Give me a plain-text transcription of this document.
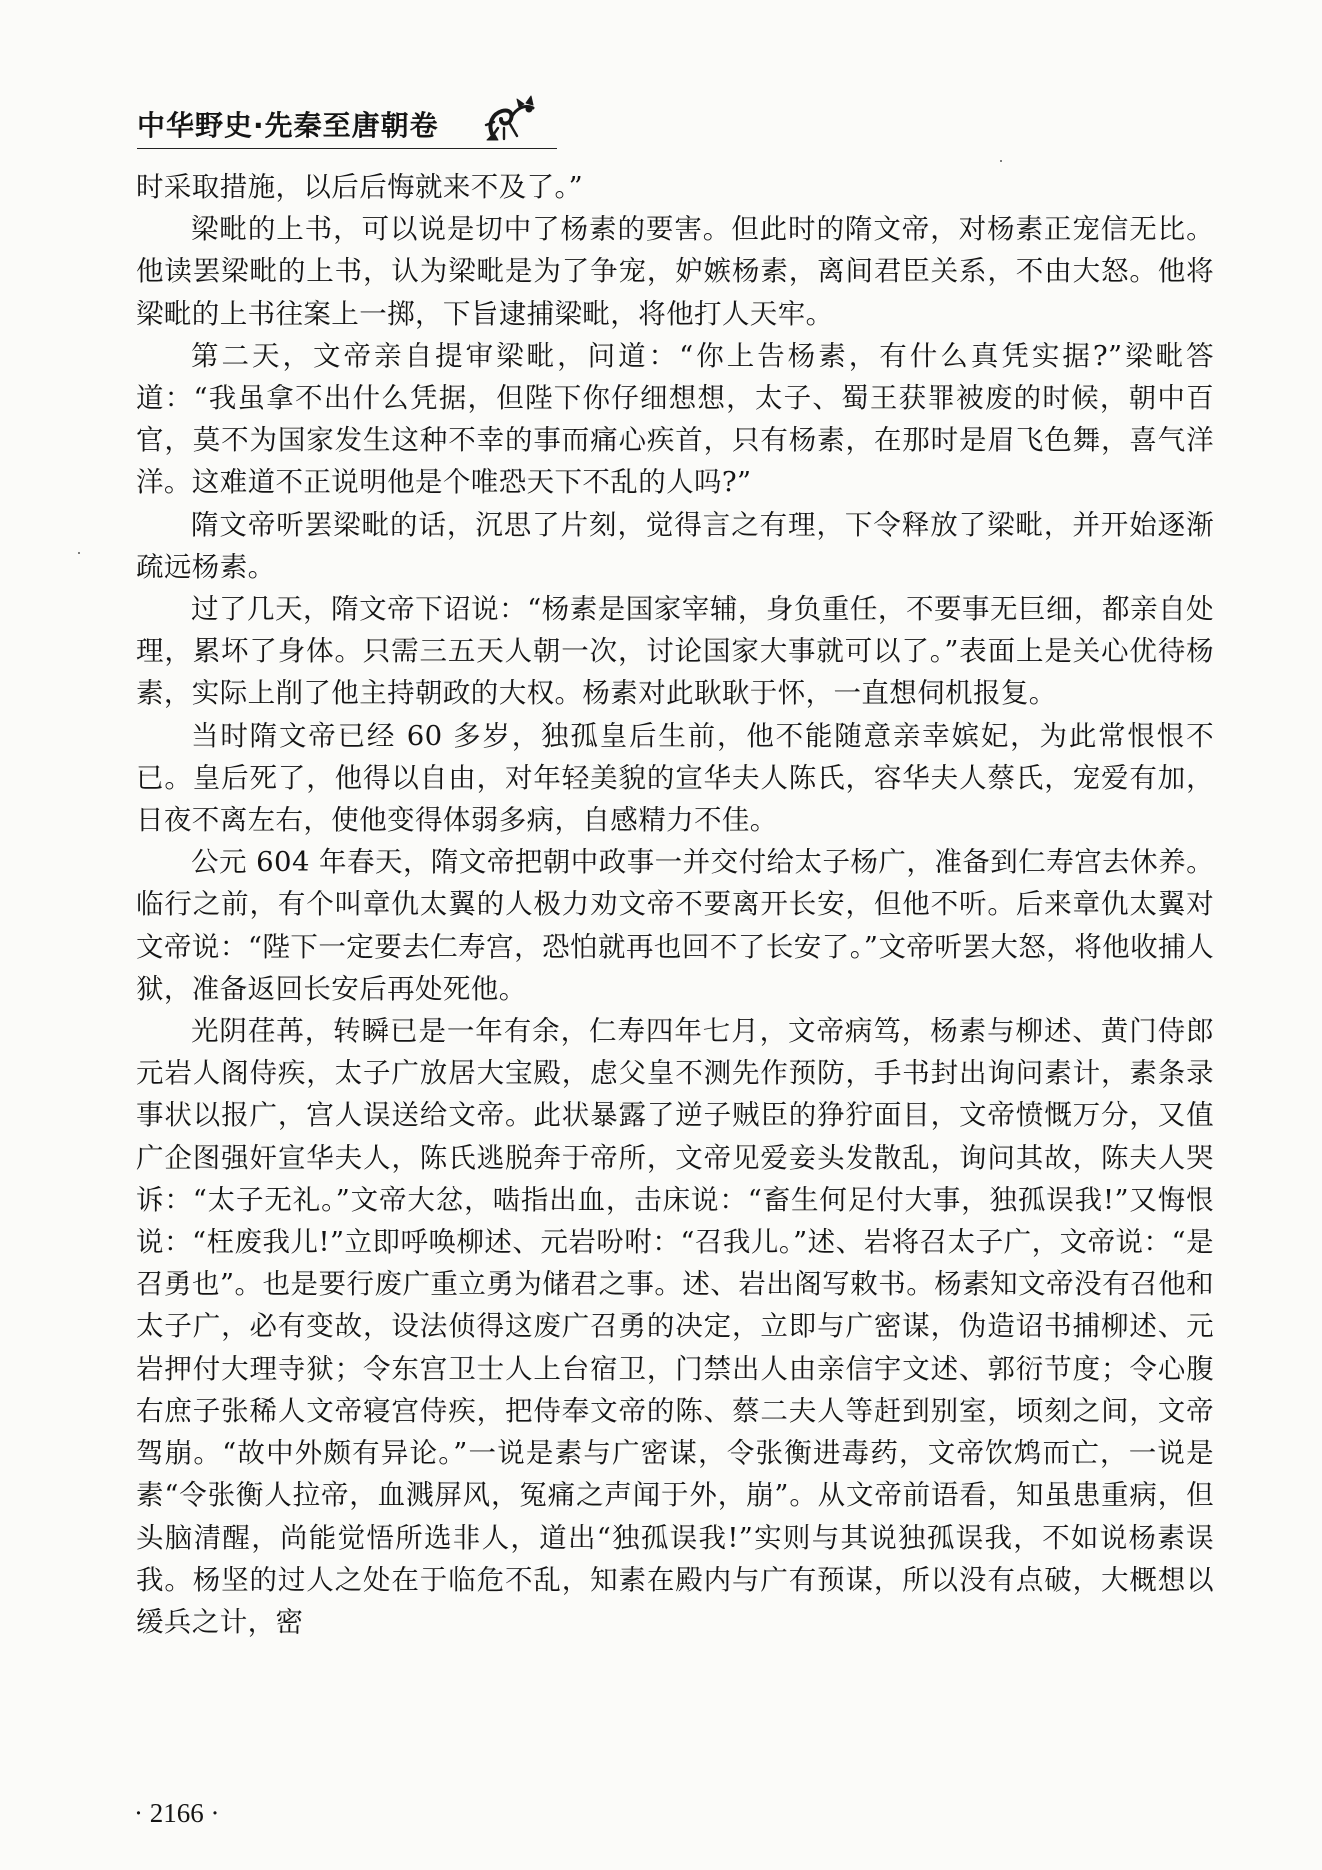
中华野史·先秦至唐朝卷

时采取措施，以后后悔就来不及了。”

梁毗的上书，可以说是切中了杨素的要害。但此时的隋文帝，对杨素正宠信无比。他读罢梁毗的上书，认为梁毗是为了争宠，妒嫉杨素，离间君臣关系，不由大怒。他将梁毗的上书往案上一掷，下旨逮捕梁毗，将他打人天牢。

第二天，文帝亲自提审梁毗，问道：“你上告杨素，有什么真凭实据?”梁毗答道：“我虽拿不出什么凭据，但陛下你仔细想想，太子、蜀王获罪被废的时候，朝中百官，莫不为国家发生这种不幸的事而痛心疾首，只有杨素，在那时是眉飞色舞，喜气洋洋。这难道不正说明他是个唯恐天下不乱的人吗?”

隋文帝听罢梁毗的话，沉思了片刻，觉得言之有理，下令释放了梁毗，并开始逐渐疏远杨素。

过了几天，隋文帝下诏说：“杨素是国家宰辅，身负重任，不要事无巨细，都亲自处理，累坏了身体。只需三五天人朝一次，讨论国家大事就可以了。”表面上是关心优待杨素，实际上削了他主持朝政的大权。杨素对此耿耿于怀，一直想伺机报复。

当时隋文帝已经 60 多岁，独孤皇后生前，他不能随意亲幸嫔妃，为此常恨恨不已。皇后死了，他得以自由，对年轻美貌的宣华夫人陈氏，容华夫人蔡氏，宠爱有加，日夜不离左右，使他变得体弱多病，自感精力不佳。

公元 604 年春天，隋文帝把朝中政事一并交付给太子杨广，准备到仁寿宫去休养。临行之前，有个叫章仇太翼的人极力劝文帝不要离开长安，但他不听。后来章仇太翼对文帝说：“陛下一定要去仁寿宫，恐怕就再也回不了长安了。”文帝听罢大怒，将他收捕人狱，准备返回长安后再处死他。

光阴荏苒，转瞬已是一年有余，仁寿四年七月，文帝病笃，杨素与柳述、黄门侍郎元岩人阁侍疾，太子广放居大宝殿，虑父皇不测先作预防，手书封出询问素计，素条录事状以报广，宫人误送给文帝。此状暴露了逆子贼臣的狰狞面目，文帝愤慨万分，又值广企图强奸宣华夫人，陈氏逃脱奔于帝所，文帝见爱妾头发散乱，询问其故，陈夫人哭诉：“太子无礼。”文帝大忿，啮指出血，击床说：“畜生何足付大事，独孤误我!”又悔恨说：“枉废我儿!”立即呼唤柳述、元岩吩咐：“召我儿。”述、岩将召太子广，文帝说：“是召勇也”。也是要行废广重立勇为储君之事。述、岩出阁写敕书。杨素知文帝没有召他和太子广，必有变故，设法侦得这废广召勇的决定，立即与广密谋，伪造诏书捕柳述、元岩押付大理寺狱；令东宫卫士人上台宿卫，门禁出人由亲信宇文述、郭衍节度；令心腹右庶子张稀人文帝寝宫侍疾，把侍奉文帝的陈、蔡二夫人等赶到别室，顷刻之间，文帝驾崩。“故中外颇有异论。”一说是素与广密谋，令张衡进毒药，文帝饮鸩而亡，一说是素“令张衡人拉帝，血溅屏风，冤痛之声闻于外，崩”。从文帝前语看，知虽患重病，但头脑清醒，尚能觉悟所选非人，道出“独孤误我!”实则与其说独孤误我，不如说杨素误我。杨坚的过人之处在于临危不乱，知素在殿内与广有预谋，所以没有点破，大概想以缓兵之计，密

· 2166 ·
